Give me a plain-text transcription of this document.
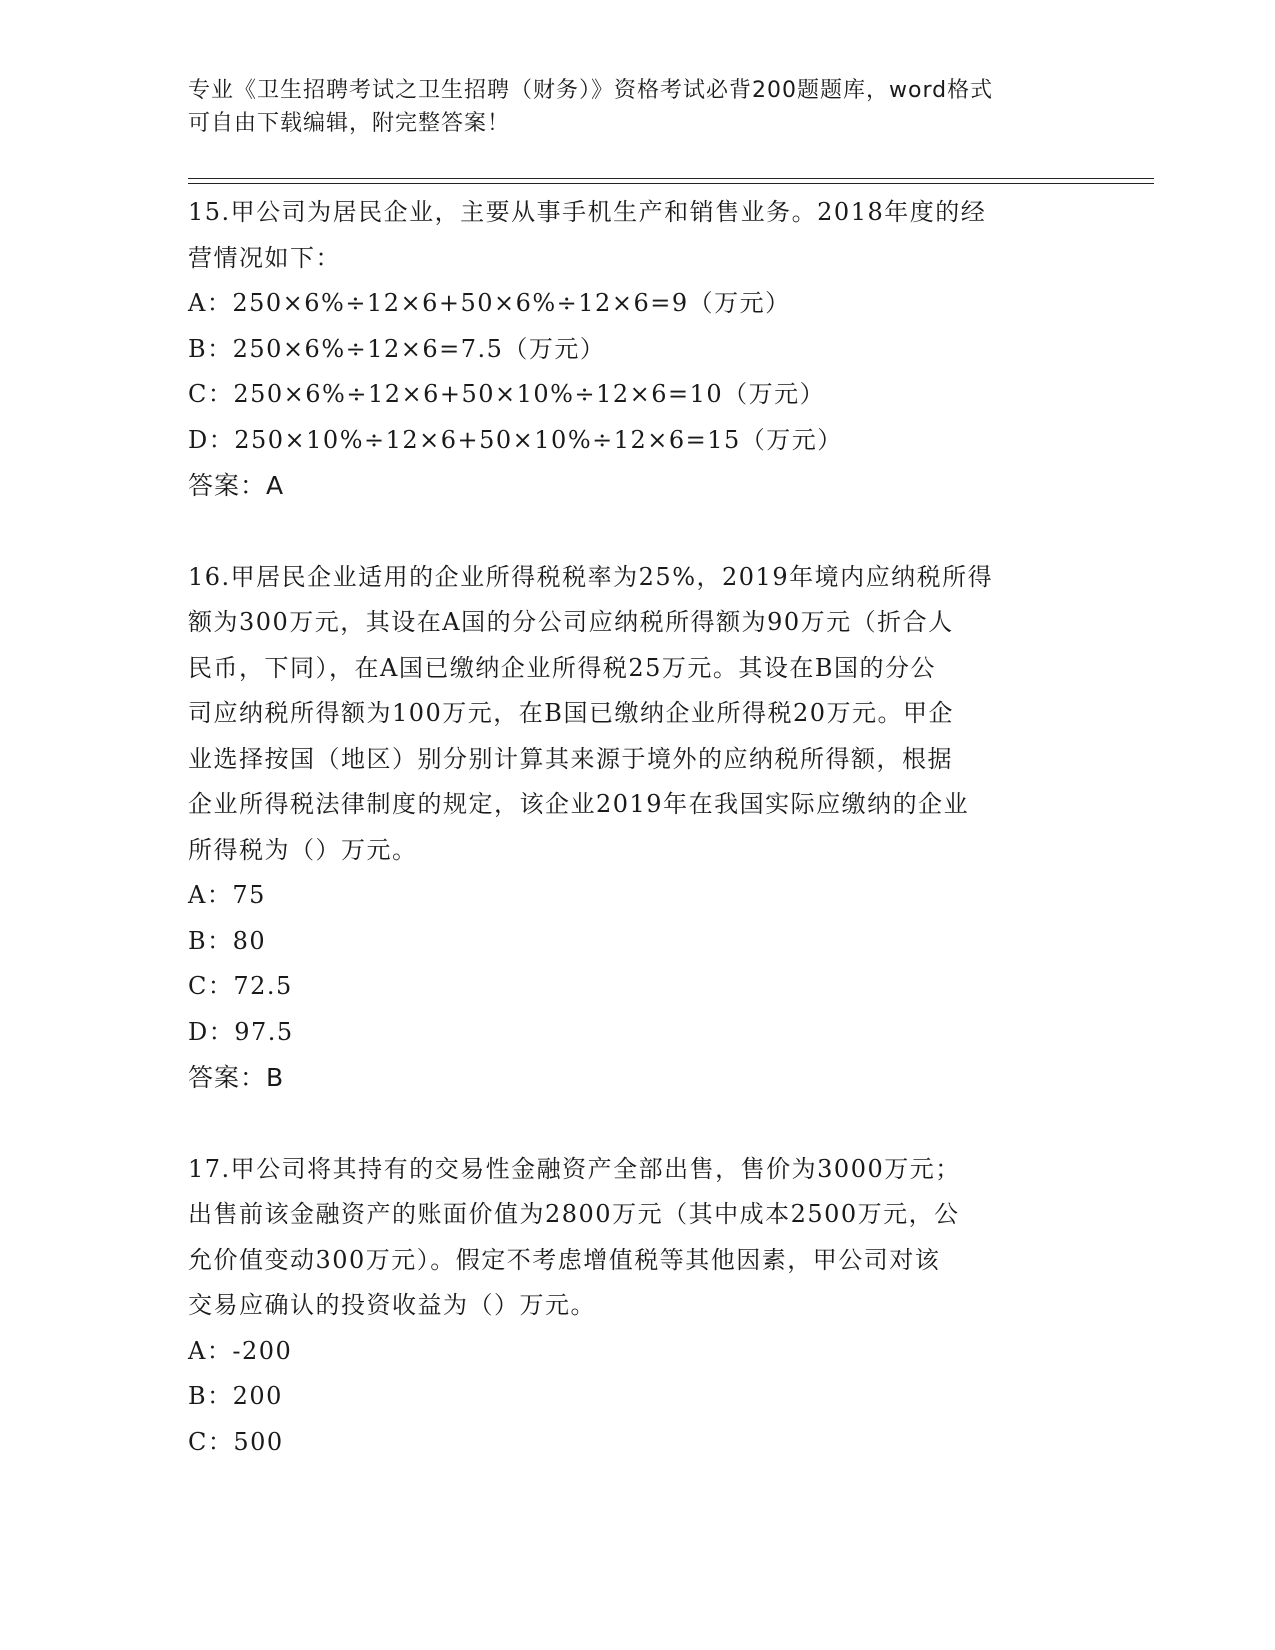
专业《卫生招聘考试之卫生招聘（财务）》资格考试必背200题题库，word格式
可自由下载编辑，附完整答案！
15.甲公司为居民企业，主要从事手机生产和销售业务。2018年度的经
营情况如下：
A：250×6%÷12×6+50×6%÷12×6=9（万元）
B：250×6%÷12×6=7.5（万元）
C：250×6%÷12×6+50×10%÷12×6=10（万元）
D：250×10%÷12×6+50×10%÷12×6=15（万元）
答案：A
16.甲居民企业适用的企业所得税税率为25%，2019年境内应纳税所得
额为300万元，其设在A国的分公司应纳税所得额为90万元（折合人
民币，下同），在A国已缴纳企业所得税25万元。其设在B国的分公
司应纳税所得额为100万元，在B国已缴纳企业所得税20万元。甲企
业选择按国（地区）别分别计算其来源于境外的应纳税所得额，根据
企业所得税法律制度的规定，该企业2019年在我国实际应缴纳的企业
所得税为（）万元。
A：75
B：80
C：72.5
D：97.5
答案：B
17.甲公司将其持有的交易性金融资产全部出售，售价为3000万元；
出售前该金融资产的账面价值为2800万元（其中成本2500万元，公
允价值变动300万元）。假定不考虑增值税等其他因素，甲公司对该
交易应确认的投资收益为（）万元。
A：-200
B：200
C：500
